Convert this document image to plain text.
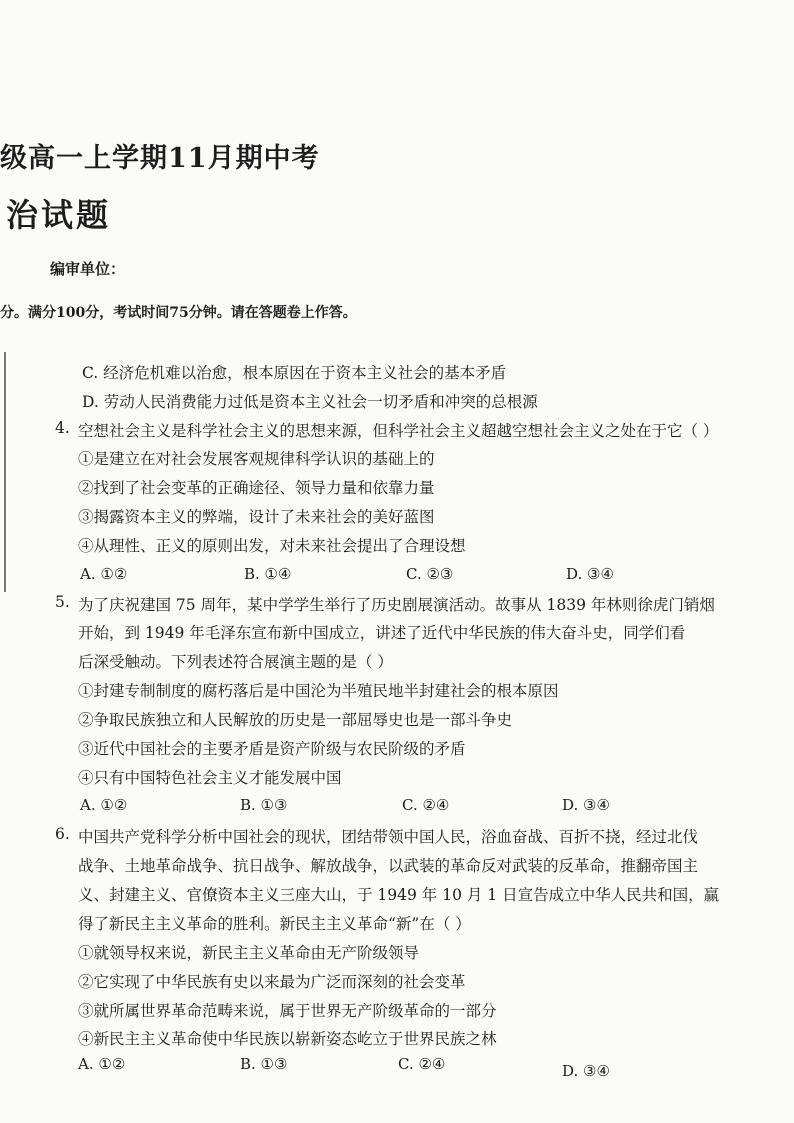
级高一上学期11月期中考
治试题
编审单位：
分。满分100分，考试时间75分钟。请在答题卷上作答。
C. 经济危机难以治愈，根本原因在于资本主义社会的基本矛盾
D. 劳动人民消费能力过低是资本主义社会一切矛盾和冲突的总根源
4. 空想社会主义是科学社会主义的思想来源，但科学社会主义超越空想社会主义之处在于它（ ）
①是建立在对社会发展客观规律科学认识的基础上的
②找到了社会变革的正确途径、领导力量和依靠力量
③揭露资本主义的弊端，设计了未来社会的美好蓝图
④从理性、正义的原则出发，对未来社会提出了合理设想
A. ①②	B. ①④	C. ②③	D. ③④
5. 为了庆祝建国 75 周年，某中学学生举行了历史剧展演活动。故事从 1839 年林则徐虎门销烟
开始，到 1949 年毛泽东宣布新中国成立，讲述了近代中华民族的伟大奋斗史，同学们看
后深受触动。下列表述符合展演主题的是（ ）
①封建专制制度的腐朽落后是中国沦为半殖民地半封建社会的根本原因
②争取民族独立和人民解放的历史是一部屈辱史也是一部斗争史
③近代中国社会的主要矛盾是资产阶级与农民阶级的矛盾
④只有中国特色社会主义才能发展中国
A. ①②	B. ①③	C. ②④	D. ③④
6. 中国共产党科学分析中国社会的现状，团结带领中国人民，浴血奋战、百折不挠，经过北伐
战争、土地革命战争、抗日战争、解放战争，以武装的革命反对武装的反革命，推翻帝国主
义、封建主义、官僚资本主义三座大山，于 1949 年 10 月 1 日宣告成立中华人民共和国，赢
得了新民主主义革命的胜利。新民主主义革命“新”在（ ）
①就领导权来说，新民主主义革命由无产阶级领导
②它实现了中华民族有史以来最为广泛而深刻的社会变革
③就所属世界革命范畴来说，属于世界无产阶级革命的一部分
④新民主主义革命使中华民族以崭新姿态屹立于世界民族之林
A. ①②	B. ①③	C. ②④	D. ③④
